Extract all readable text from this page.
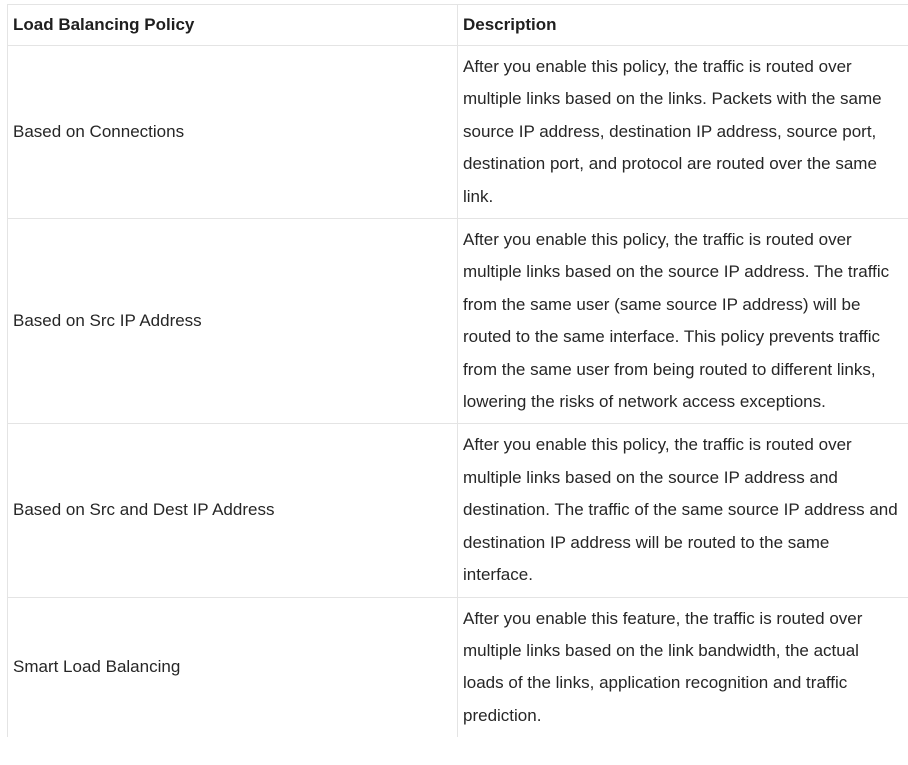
Load Balancing Policy	Description
Based on Connections	After you enable this policy, the traffic is routed over multiple links based on the links. Packets with the same source IP address, destination IP address, source port, destination port, and protocol are routed over the same link.
Based on Src IP Address	After you enable this policy, the traffic is routed over multiple links based on the source IP address. The traffic from the same user (same source IP address) will be routed to the same interface. This policy prevents traffic from the same user from being routed to different links, lowering the risks of network access exceptions.
Based on Src and Dest IP Address	After you enable this policy, the traffic is routed over multiple links based on the source IP address and destination. The traffic of the same source IP address and destination IP address will be routed to the same interface.
Smart Load Balancing	After you enable this feature, the traffic is routed over multiple links based on the link bandwidth, the actual loads of the links, application recognition and traffic prediction.
